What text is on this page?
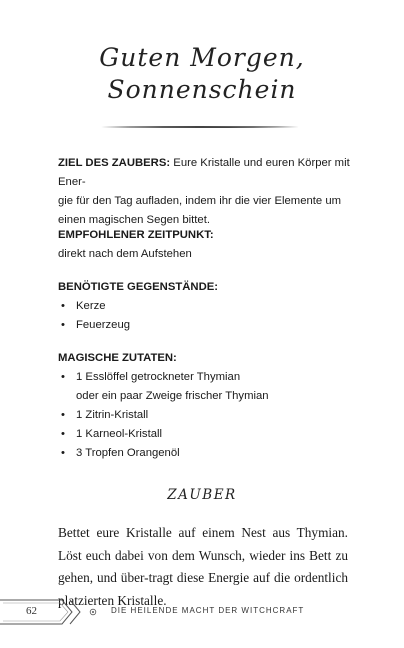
Guten Morgen,
Sonnenschein
ZIEL DES ZAUBERS: Eure Kristalle und euren Körper mit Ener-
gie für den Tag aufladen, indem ihr die vier Elemente um
einen magischen Segen bittet.
EMPFOHLENER ZEITPUNKT:
direkt nach dem Aufstehen
BENÖTIGTE GEGENSTÄNDE:
• Kerze
• Feuerzeug
MAGISCHE ZUTATEN:
• 1 Esslöffel getrockneter Thymian
oder ein paar Zweige frischer Thymian
• 1 Zitrin-Kristall
• 1 Karneol-Kristall
• 3 Tropfen Orangenöl
ZAUBER
Bettet eure Kristalle auf einem Nest aus Thymian. Löst euch dabei von dem Wunsch, wieder ins Bett zu gehen, und über-tragt diese Energie auf die ordentlich platzierten Kristalle.
62	DIE HEILENDE MACHT DER WITCHCRAFT
